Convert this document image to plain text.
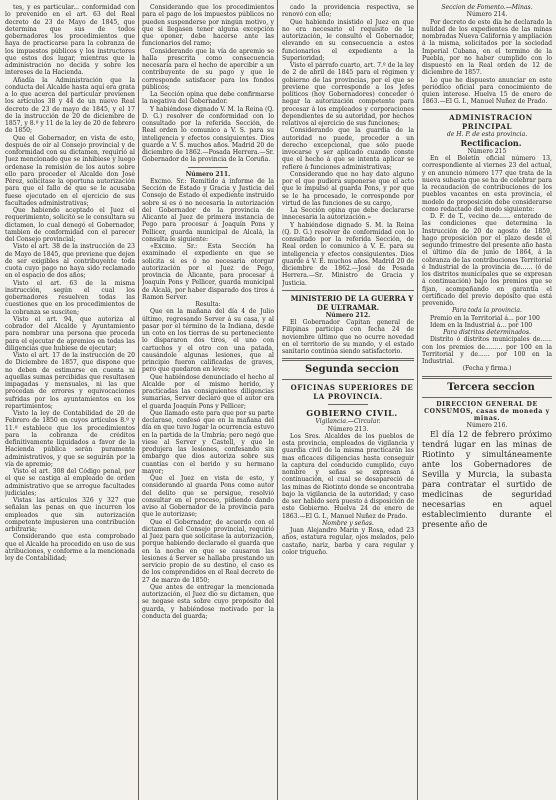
tes, y es particular... conformidad con lo prevenido en el art. 63 del Real decreto de 23 de Mayo de 1845, que determina que sus de todos gobernadores los procedimientos que haya de practicarse para la cobranza de los impuestos públicos y los instructores que estos dos lugar, mientras que la administración no decida y sobre los intereses de la Hacienda.

Añadía la Administración que la conducta del Alcalde hasta aquí era grata a lo que acerca del particular previenen los artículos 38 y 44 de un nuevo Real decreto de 23 de mayo de 1845, y el 17 de la instrucción de 20 de diciembre de 1857, y 8.º y 11 de la ley de 20 de febrero de 1850;

Que el Gobernador, en vista de esto, después de oír al Consejo provincial y de conformidad con su dictamen, requirió al Juez mencionado que se inhibiese y luego ordenase la remisión de los autos sobre ello para proceder el Alcalde don José Pérez, solicitase la oportuna autorización para que el fallo de que se le acusaba fuese ejecutado en el ejercicio de sus facultades administrativas;

Que habiendo aceptado el Juez el requerimiento, solicitó se le consultara su dictamen, lo cual denegó el Gobernador, tambien de conformidad con el parecer del Consejo provincial;

Visto el art. 38 de la instrucción de 23 de Mayo de 1845, que previene que dejen de ser exigibles al contribuyente toda cuota cuyo pago no haya sido reclamado en el espacio de dos años;

Visto el art. 63 de la misma instrucción, según el cual los gobernadores resuelven todas las cuestiones que en los procedimientos de la cobranza se susciten;

Visto el art. 94, que autoriza al cobrador del Alcalde y Ayuntamiento para nombrar una persona que proceda para el ejecutar de apremios en todas las diligencias que hubiese de ejecutar;

Visto el art. 17 de la instrucción de 20 de Diciembre de 1857, que dispone que no deben de estimarse en cuenta ni aquellas sumas percibidas que resultasen impagadas y mensuales, ni las que procedan de errores y equivocaciones sufridas por los ayuntamientos en los repartimientos;

Visto la ley de Contabilidad de 20 de Febrero de 1850 en cuyos artículos 8.º y 11.º establece que los procedimientos para la cobranza de créditos definitivamente liquidados a favor de la Hacienda pública serán puramente administrativos, y que se seguirán por la vía de apremio;

Visto el art. 308 del Código penal, por el que se castiga al empleado de orden administrativo que se arrogue facultades judiciales;

Vistas las artículos 326 y 327 que señalan las penas en que incurren los empleados que sin autorización competente impusieren una contribución arbitraria;

Considerando que esta comprobado que el Alcalde ha procedido en uso de sus atribuciones, y conforme a la mencionada ley de Contabilidad;

Considerando que los procedimientos para el pago de los impuestos públicos no pueden suspenderse por ningún motivo, y que si llegasen tener alguna excepción que oponer, debe hacerse ante las funcionarios del ramo;

Considerando que la vía de apremio se halla prescrita como consecuencia necesaria para el hecho de apercibir a un contribuyente de su pago y que le corresponde satisfacer para los fondos públicos;

La Sección opina que debe confirmarse la negativa del Gobernador.

Y habiéndose dignado V. M. la Reina (Q. D. G.) resolver de conformidad con lo consultado por la referida Sección, de Real orden lo comunico a V. S. para su inteligencia y efectos consiguientes. Dios guarde a V. S. muchos años. Madrid 20 de diciembre de 1862.—Posada Herrera.—Sr. Gobernador de la provincia de la Coruña.

Número 211.

Excmo. Sr.: Remitido á informe de la Sección de Estado y Gracia y Justicia del Consejo de Estado el expediente instruido sobre si es ó no necesaria la autorización del Gobernador de la provincia de Alicante al Juez de primera instancia de Pego para procesar á Joaquín Pons y Pellicer, guarda municipal de Alcalá, la consulta le siguiente:

«Excmo. Sr.: Esta Sección ha examinado el expediente en que se solicita si es ó no necesaria otorgar autorización por el Juez de Pego, provincia de Alicante, para procesar á Joaquín Pons y Pellicer, guarda municipal de Alcalá, por haber disparado dos tiros á Ramon Server.

Resulta:

Que en la mañana del día 4 de Julio último, regresando Server á su casa, y al pasar por el término de la Indiana, desde un coto en los tierras de su perteneciente lo dispararon dos tiros, el uno con cartuchos y el otro con una patada, causándole algunas lesiones, que al principio fueron calificadas de graves, pero que quedaron en leves;

Que habiéndose denunciado el hecho al Alcalde por el mismo herido, y practicadas las consiguientes diligencias sumarias, Server declaró que el autor era el guarda Joaquín Pons y Pellicer;

Que llamado este para que por su parte declarase, confesó que en la mañana del día en que tuvo lugar la ocurrencia estuvo en la partida de la Umbría; pero negó que viese al Server y Castell, y que le produjera las lesiones, confesando sin embargo que dios autoriza sobre sus cuantías con el herido y su hermano mayor;

Que el Juez en vista de esto, y considerando al guarda Pons como autor del delito que se persigue, resolvió consultar en el proceso, pidiendo dando aviso al Gobernador de la provincia para que le autorizase;

Que el Gobernador, de acuerdo con el dictamen del Consejo provincial, requirió al Juez para que solicitase la autorización, porque habiendo declarado el guarda que en la noche en que se causaron las lesiones á Server se hallaba prestando un servicio propio de su destino, el caso es de los comprendidos en el Real decreto de 27 de marzo de 1850;

Que antes de entregar la mencionada autorización, el Juez dio su dictamen, que se negase esta sobre cuyo propósito del guarda, y habiéndose motivado por la conducta del guarda;

cado la providencia respectiva, se renovó con ello;

Que habiendo insistido el Juez en que no era necesario el requisito de la autorización, le consultó el Gobernador, elevando en su consecuencia a estos funcionarios el expediente a la Superioridad;

Visto el párrafo cuarto, art. 7.º de la ley de 2 de abril de 1845 para el régimen y gobierno de las provincias, por el que se previene que corresponde a los Jefes políticos (hoy Gobernadores) conceder ó negar la autorización competente para procesar á los empleados y corporaciones dependientes de su autoridad, por hechos relativos al ejercicio de sus funciones;

Considerando que la guardia de la autoridad no puede, proceder a un derecho excepcional, que sólo puede invocarse y ser aplicado cuando conste que el hecho á que se intenta aplicar se refiere á funciones administrativas;

Considerando que no hay dato alguno por el que pudiera suponerse que el acto que le impulsó al guarda Pons, y por que se le ha procesado, le corresponde por virtud de las funciones de su cargo,

La Sección opina que debe declararse innecesaria la autorización.»

Y habiéndose dignado S. M. la Reina (Q. D. G.) resolver de conformidad con lo consultado por la referida Sección, de Real orden lo comunico á V. E. para su inteligencia y efectos consiguientes. Dios guarde á V. E. muchos años. Madrid 20 de diciembre de 1862.—José de Posada Herrera.—Sr. Ministro de Gracia y Justicia.

MINISTERIO DE LA GUERRA Y DE ULTRAMAR.

Número 212.

El Gobernador Capitan general de Filipinas participa con fecha 24 de noviembre último que no ocurre novedad en el territorio de su mando, y el estado sanitario continúa siendo satisfactorio.

Segunda seccion

OFICINAS SUPERIORES DE LA PROVINCIA.

GOBIERNO CIVIL.

Vigilancia.—Circular.

Número 213.

Los Sres. Alcaldes de los pueblos de esta provincia, empleados de vigilancia y guardia civil de la misma practicarán las mas eficaces diligencias hasta conseguir la captura del conducido cumplido, cuyo nombre y señas se expresan á continuación, el cual se desapareció de las minas de Riotinto donde se encontraba bajo la vigilancia de la autoridad; y caso de ser habido será puesto á disposición de este Gobierno. Huelva 24 de enero de 1863.—El G. I., Manuel Nuñez de Prado.

Nombre y señas.

Juan Alejandro Marin y Rosa, edad 23 años, estatura regular, ojos melados, pelo castaño, nariz, barba y cara regular y color trigueño.

Seccion de Fomento.—Minas.

Número 214.

Por decreto de este dia he declarado la nulidad de los expedientes de las minas nombradas Nueva California y ampliación á la misma, solicitados por la sociedad Imperial Cubana, en el termino de la Puebla, por no haber cumplido con lo dispuesto en la Real orden de 12 de diciembre de 1857.

Lo que he dispuesto anunciar en este periódico oficial para conocimiento de quien interese. Huelva 15 de enero de 1863.—El G. I., Manuel Nuñez de Prado.

ADMINISTRACION PRINCIPAL

de H. P. de esta provincia.

Rectificacion.

Número 215

En el Boletín oficial número 13, correspondiente al viernes 23 del actual, y en anuncio número 177 que trata de la nueva subasta que se ha de celebrar para la recaudación de contribuciones de los pueblos vacantes en esta provincia, el modelo de proposición debe considerarse como redactado del modo siguiente:

D. F. de T., vecino de...... enterado de las condiciones que determina la Instrucción de 20 de agosto de 1859, hago proposición por el plazo desde el segundo trimestre del presente año hasta el último día de junio de 1864, á la cobranza de las contribuciones Territorial é Industrial de la provincia de...... (ó de los distritos municipales que se expresan á continuación) bajo los premios que se fijan, acompañando en garantía el certificado del previo depósito que está prevenido.

Para toda la provincia.

Premio en la Territorial á... por 100

Idem en la Industrial á... por 100

Para distritos determinados.

Distrito ó distritos municipales de...... con los premios de......... por 100 en la Territorial y de...... por 100 en la Industrial.

(Fecha y firma.)

Tercera seccion

DIRECCION GENERAL DE CONSUMOS, casas de moneda y minas.

Número 216.

El día 12 de febrero próximo tendrá lugar en las minas de Riotinto y simultáneamente ante los Gobernadores de Sevilla y Murcia, la subasta para contratar el surtido de medicinas de seguridad necesarias en aquel establecimiento durante el presente año de
